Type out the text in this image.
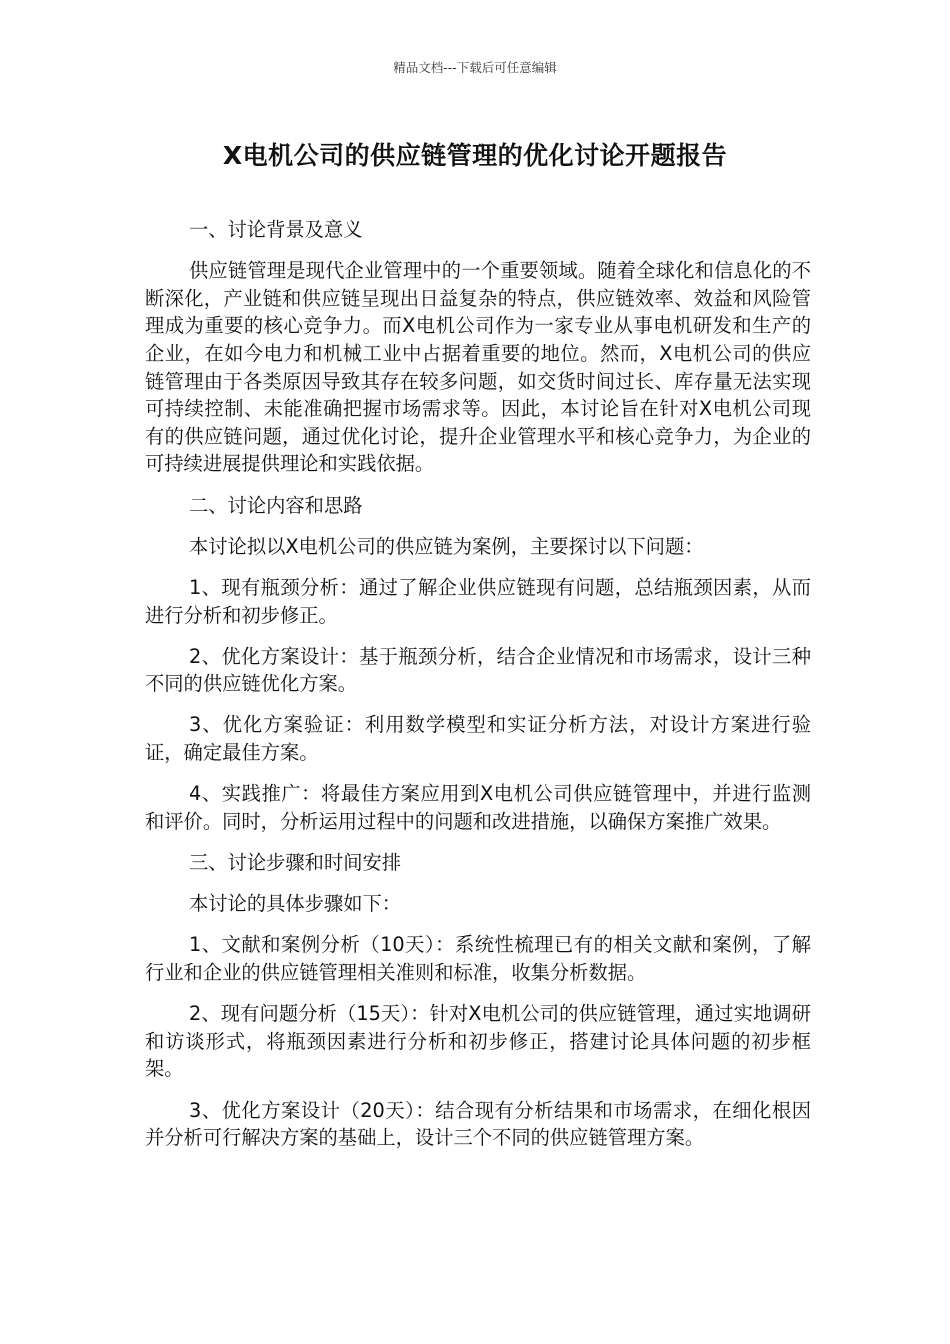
精品文档---下载后可任意编辑
X电机公司的供应链管理的优化讨论开题报告

一、讨论背景及意义

供应链管理是现代企业管理中的一个重要领域。随着全球化和信息化的不断深化，产业链和供应链呈现出日益复杂的特点，供应链效率、效益和风险管理成为重要的核心竞争力。而X电机公司作为一家专业从事电机研发和生产的企业，在如今电力和机械工业中占据着重要的地位。然而，X电机公司的供应链管理由于各类原因导致其存在较多问题，如交货时间过长、库存量无法实现可持续控制、未能准确把握市场需求等。因此，本讨论旨在针对X电机公司现有的供应链问题，通过优化讨论，提升企业管理水平和核心竞争力，为企业的可持续进展提供理论和实践依据。

二、讨论内容和思路

本讨论拟以X电机公司的供应链为案例，主要探讨以下问题：

1、现有瓶颈分析：通过了解企业供应链现有问题，总结瓶颈因素，从而进行分析和初步修正。

2、优化方案设计：基于瓶颈分析，结合企业情况和市场需求，设计三种不同的供应链优化方案。

3、优化方案验证：利用数学模型和实证分析方法，对设计方案进行验证，确定最佳方案。

4、实践推广：将最佳方案应用到X电机公司供应链管理中，并进行监测和评价。同时，分析运用过程中的问题和改进措施，以确保方案推广效果。

三、讨论步骤和时间安排

本讨论的具体步骤如下：

1、文献和案例分析（10天）：系统性梳理已有的相关文献和案例，了解行业和企业的供应链管理相关准则和标准，收集分析数据。

2、现有问题分析（15天）：针对X电机公司的供应链管理，通过实地调研和访谈形式，将瓶颈因素进行分析和初步修正，搭建讨论具体问题的初步框架。

3、优化方案设计（20天）：结合现有分析结果和市场需求，在细化根因并分析可行解决方案的基础上，设计三个不同的供应链管理方案。
